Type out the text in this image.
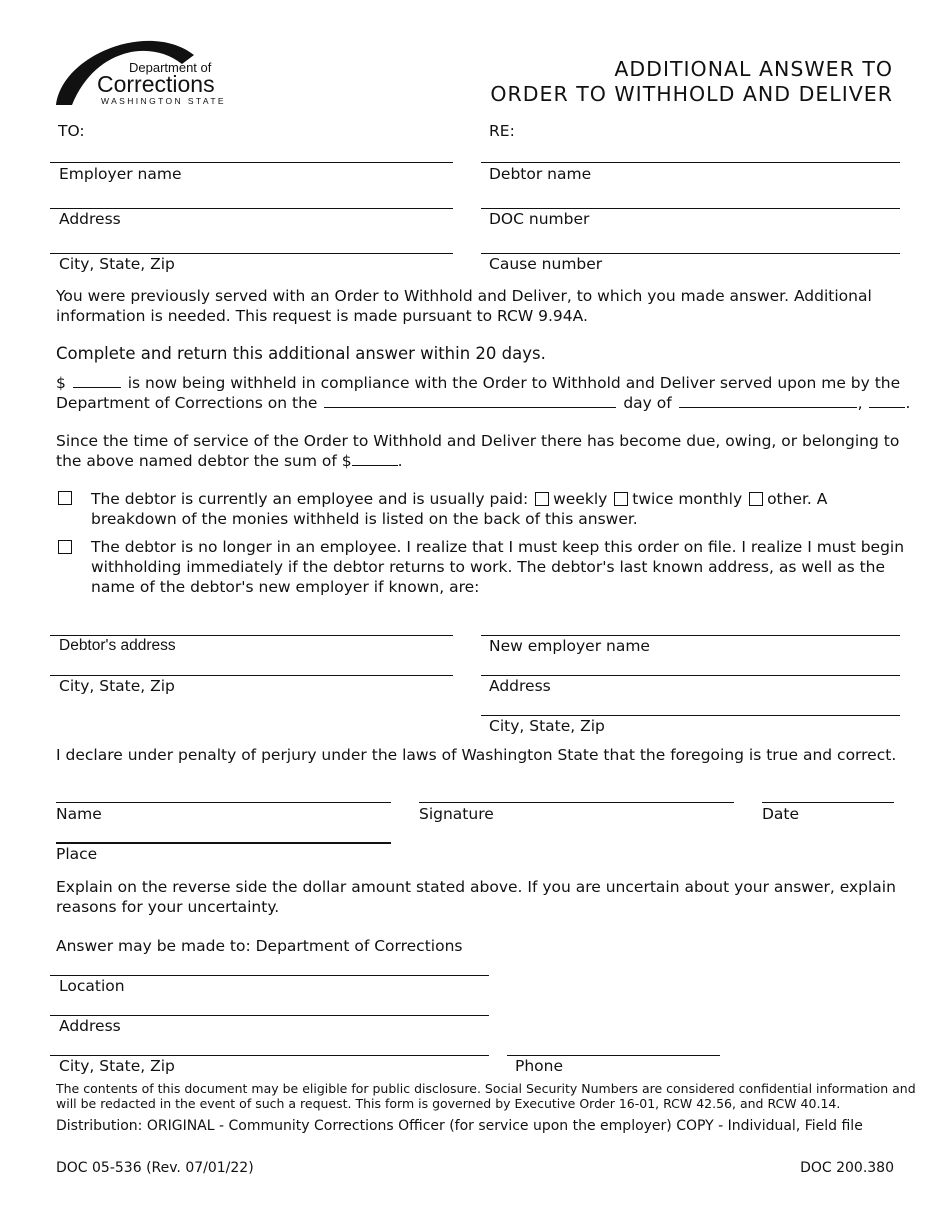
Department of
Corrections
WASHINGTON STATE
ADDITIONAL ANSWER TO
ORDER TO WITHHOLD AND DELIVER
TO:	RE:
Employer name
Address
City, State, Zip
Debtor name
DOC number
Cause number
You were previously served with an Order to Withhold and Deliver, to which you made answer. Additional
information is needed. This request is made pursuant to RCW 9.94A.
Complete and return this additional answer within 20 days.
$	is now being withheld in compliance with the Order to Withhold and Deliver served upon me by the
Department of Corrections on the	day of	,	.
Since the time of service of the Order to Withhold and Deliver there has become due, owing, or belonging to
the above named debtor the sum of $	.
The debtor is currently an employee and is usually paid: weekly twice monthly other. A
breakdown of the monies withheld is listed on the back of this answer.
The debtor is no longer in an employee. I realize that I must keep this order on file. I realize I must begin
withholding immediately if the debtor returns to work. The debtor's last known address, as well as the
name of the debtor's new employer if known, are:
Debtor's address
City, State, Zip
New employer name
Address
City, State, Zip
I declare under penalty of perjury under the laws of Washington State that the foregoing is true and correct.
Name	Signature	Date
Place
Explain on the reverse side the dollar amount stated above. If you are uncertain about your answer, explain
reasons for your uncertainty.
Answer may be made to: Department of Corrections
Location
Address
City, State, Zip	Phone
The contents of this document may be eligible for public disclosure. Social Security Numbers are considered confidential information and
will be redacted in the event of such a request. This form is governed by Executive Order 16-01, RCW 42.56, and RCW 40.14.
Distribution: ORIGINAL - Community Corrections Officer (for service upon the employer) COPY - Individual, Field file
DOC 05-536 (Rev. 07/01/22)	DOC 200.380
